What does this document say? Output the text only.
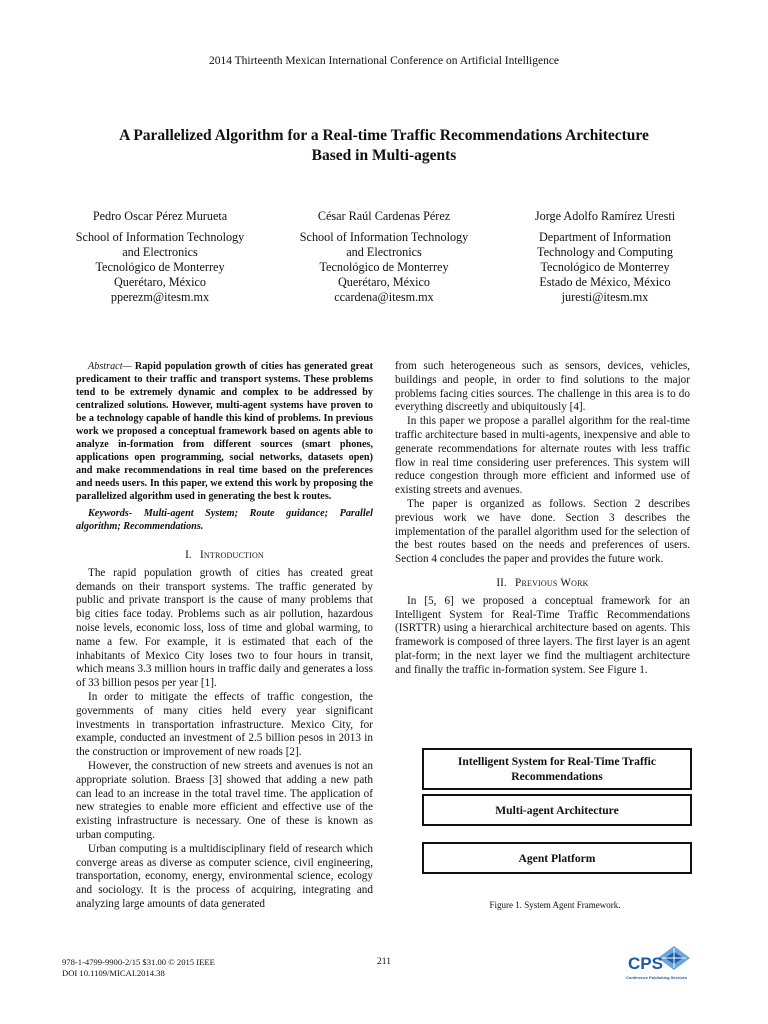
2014 Thirteenth Mexican International Conference on Artificial Intelligence
A Parallelized Algorithm for a Real-time Traffic Recommendations Architecture
Based in Multi-agents
Pedro Oscar Pérez Murueta
School of Information Technology
and Electronics
Tecnológico de Monterrey
Querétaro, México
pperezm@itesm.mx
César Raúl Cardenas Pérez
School of Information Technology
and Electronics
Tecnológico de Monterrey
Querétaro, México
ccardena@itesm.mx
Jorge Adolfo Ramírez Uresti
Department of Information
Technology and Computing
Tecnológico de Monterrey
Estado de México, México
juresti@itesm.mx
Abstract— Rapid population growth of cities has generated great predicament to their traffic and transport systems. These problems tend to be extremely dynamic and complex to be addressed by centralized solutions. However, multi-agent systems have proven to be a technology capable of handle this kind of problems. In previous work we proposed a conceptual framework based on agents able to analyze in-formation from different sources (smart phones, applications open programming, social networks, datasets open) and make recommendations in real time based on the preferences and needs users. In this paper, we extend this work by proposing the parallelized algorithm used in generating the best k routes.
Keywords- Multi-agent System; Route guidance; Parallel algorithm; Recommendations.
I. Introduction

The rapid population growth of cities has created great demands on their transport systems. The traffic generated by public and private transport is the cause of many problems that big cities face today. Problems such as air pollution, hazardous noise levels, economic loss, loss of time and global warming, to name a few. For example, it is estimated that each of the inhabitants of Mexico City loses two to four hours in transit, which means 3.3 million hours in traffic daily and generates a loss of 33 billion pesos per year [1].

In order to mitigate the effects of traffic congestion, the governments of many cities held every year significant investments in transportation infrastructure. Mexico City, for example, conducted an investment of 2.5 billion pesos in 2013 in the construction or improvement of new roads [2].

However, the construction of new streets and avenues is not an appropriate solution. Braess [3] showed that adding a new path can lead to an increase in the total travel time. The application of new strategies to enable more efficient and effective use of the existing infrastructure is necessary. One of these is known as urban computing.

Urban computing is a multidisciplinary field of research which converge areas as diverse as computer science, civil engineering, transportation, economy, energy, environmental science, ecology and sociology. It is the process of acquiring, integrating and analyzing large amounts of data generated

from such heterogeneous such as sensors, devices, vehicles, buildings and people, in order to find solutions to the major problems facing cities sources. The challenge in this area is to do everything discreetly and ubiquitously [4].

In this paper we propose a parallel algorithm for the real-time traffic architecture based in multi-agents, inexpensive and able to generate recommendations for alternate routes with less traffic flow in real time considering user preferences. This system will reduce congestion through more efficient and informed use of existing streets and avenues.

The paper is organized as follows. Section 2 describes previous work we have done. Section 3 describes the implementation of the parallel algorithm used for the selection of the best routes based on the needs and preferences of users. Section 4 concludes the paper and provides the future work.

II. Previous Work

In [5, 6] we proposed a conceptual framework for an Intelligent System for Real-Time Traffic Recommendations (ISRTTR) using a hierarchical architecture based on agents. This framework is composed of three layers. The first layer is an agent plat-form; in the next layer we find the multiagent architecture and finally the traffic in-formation system. See Figure 1.

Intelligent System for Real-Time Traffic Recommendations
Multi-agent Architecture
Agent Platform
Figure 1. System Agent Framework.
978-1-4799-9900-2/15 $31.00 © 2015 IEEE
DOI 10.1109/MICAI.2014.38
211	CPS
Conference Publishing Services
